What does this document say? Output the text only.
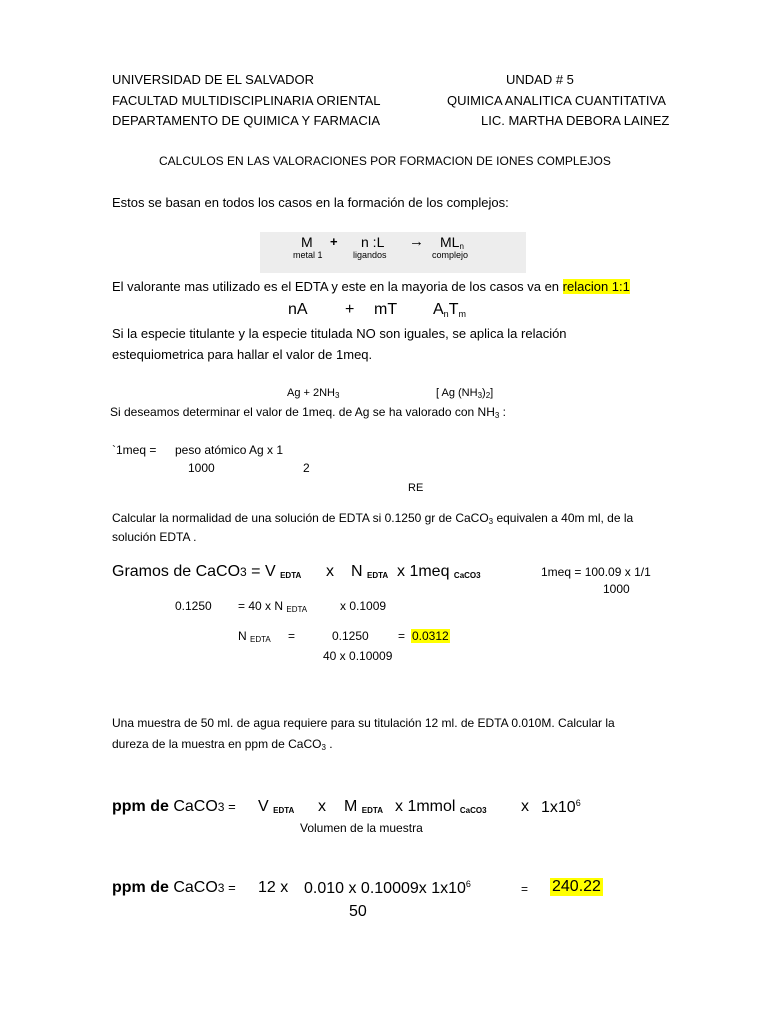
UNIVERSIDAD DE EL SALVADOR	UNDAD # 5
FACULTAD MULTIDISCIPLINARIA ORIENTAL	QUIMICA ANALITICA CUANTITATIVA
DEPARTAMENTO DE QUIMICA Y FARMACIA	LIC. MARTHA DEBORA LAINEZ
CALCULOS EN LAS VALORACIONES POR FORMACION DE IONES COMPLEJOS
Estos se basan en todos los casos en la formación de los complejos:
M + n :L → $ML_n$
metal 1	ligandos	complejo
El valorante mas utilizado es el EDTA y este en la mayoria de los casos va en relacion 1:1
nA + mT AnTm
Si la especie titulante y la especie titulada NO son iguales, se aplica la relación
estequiometrica para hallar el valor de 1meq.
$Ag + 2NH_3$	[ Ag $(NH_3)_2$]
Si deseamos determinar el valor de 1meq. de Ag se ha valorado con $NH_3$ :
`1meq = peso atómico Ag x 1
1000	2
RE
Calcular la normalidad de una solución de EDTA si 0.1250 gr de CaCO$_3$ equivalen a 40m ml, de la
solución EDTA .
Gramos de CaCO3 = V $_{EDTA}$ x N $_{EDTA}$ x 1meq $_{CaCO3}$	1meq = 100.09 x 1/1
1000
0.1250 = 40 x N $_{EDTA}$	x 0.1009
N $_{EDTA}$ =	0.1250 = 0.0312
40 x 0.10009
Una muestra de 50 ml. de agua requiere para su titulación 12 ml. de EDTA 0.010M. Calcular la
dureza de la muestra en ppm de CaCO$_3$ .
ppm de CaCO3 = V $_{EDTA}$ x M $_{EDTA}$ x 1mmol $_{CaCO3}$ x $1x10^6$
Volumen de la muestra
ppm de CaCO3 = 12 x 0.010 x 0.10009x $1x10^6$	= 240.22
50
